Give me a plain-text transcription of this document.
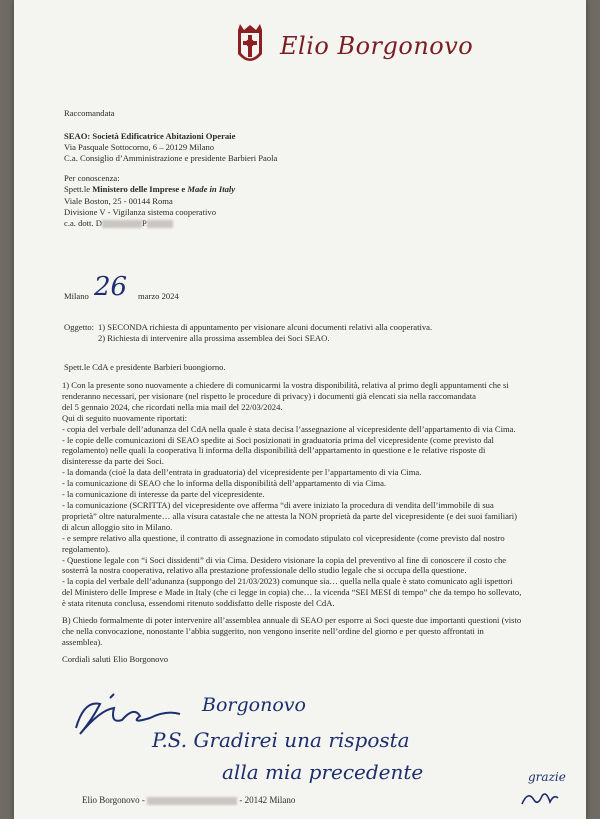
Elio Borgonovo
Raccomandata
SEAO: Società Edificatrice Abitazioni Operaie
Via Pasquale Sottocorno, 6 – 20129 Milano
C.a. Consiglio d’Amministrazione e presidente Barbieri Paola
Per conoscenza:
Spett.le Ministero delle Imprese e Made in Italy
Viale Boston, 25 - 00144 Roma
Divisione V - Vigilanza sistema cooperativo
c.a. dott. D	P
Milano 26 marzo 2024
Oggetto: 1) SECONDA richiesta di appuntamento per visionare alcuni documenti relativi alla cooperativa.
2) Richiesta di intervenire alla prossima assemblea dei Soci SEAO.
Spett.le CdA e presidente Barbieri buongiorno.
1) Con la presente sono nuovamente a chiedere di comunicarmi la vostra disponibilità, relativa al primo degli appuntamenti che si
renderanno necessari, per visionare (nel rispetto le procedure di privacy) i documenti già elencati sia nella raccomandata
del 5 gennaio 2024, che ricordati nella mia mail del 22/03/2024.
Qui di seguito nuovamente riportati:
- copia del verbale dell’adunanza del CdA nella quale è stata decisa l’assegnazione al vicepresidente dell’appartamento di via Cima.
- le copie delle comunicazioni di SEAO spedite ai Soci posizionati in graduatoria prima del vicepresidente (come previsto dal
regolamento) nelle quali la cooperativa li informa della disponibilità dell’appartamento in questione e le relative risposte di
disinteresse da parte dei Soci.
- la domanda (cioè la data dell’entrata in graduatoria) del vicepresidente per l’appartamento di via Cima.
- la comunicazione di SEAO che lo informa della disponibilità dell’appartamento di via Cima.
- la comunicazione di interesse da parte del vicepresidente.
- la comunicazione (SCRITTA) del vicepresidente ove afferma “di avere iniziato la procedura di vendita dell’immobile di sua
proprietà” oltre naturalmente… alla visura catastale che ne attesta la NON proprietà da parte del vicepresidente (e dei suoi familiari)
di alcun alloggio sito in Milano.
- e sempre relativo alla questione, il contratto di assegnazione in comodato stipulato col vicepresidente (come previsto dal nostro
regolamento).
- Questione legale con “i Soci dissidenti” di via Cima. Desidero visionare la copia del preventivo al fine di conoscere il costo che
sosterrà la nostra cooperativa, relativo alla prestazione professionale dello studio legale che si occupa della questione.
- la copia del verbale dell’adunanza (suppongo del 21/03/2023) comunque sia… quella nella quale è stato comunicato agli ispettori
del Ministero delle Imprese e Made in Italy (che ci legge in copia) che… la vicenda “SEI MESI di tempo” che da tempo ho sollevato,
è stata ritenuta conclusa, essendomi ritenuto soddisfatto delle risposte del CdA.
B) Chiedo formalmente di poter intervenire all’assemblea annuale di SEAO per esporre ai Soci queste due importanti questioni (visto
che nella convocazione, nonostante l’abbia suggerito, non vengono inserite nell’ordine del giorno e per questo affrontati in
assemblea).
Cordiali saluti Elio Borgonovo
Borgonovo
P.S. Gradirei una risposta
alla mia precedente	grazie
Elio Borgonovo -	- 20142 Milano
